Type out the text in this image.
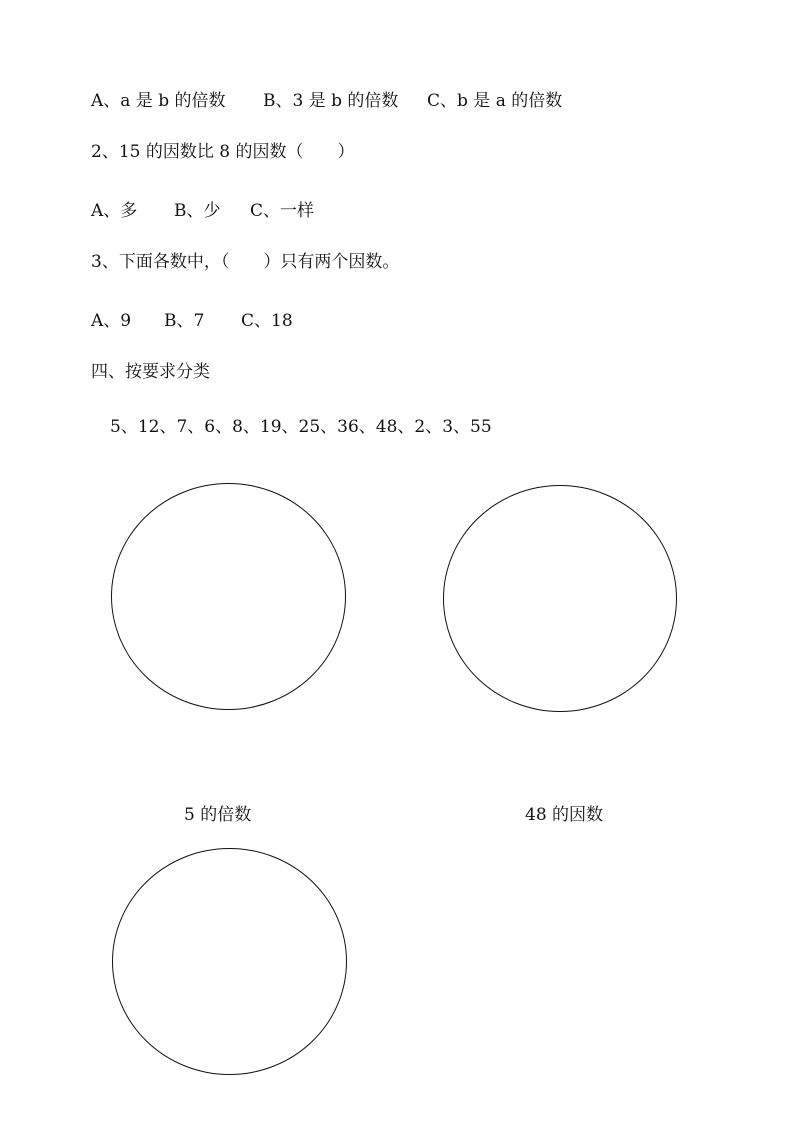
A、a 是 b 的倍数 B、3 是 b 的倍数 C、b 是 a 的倍数
2、15 的因数比 8 的因数（　　）
A、多 B、少 C、一样
3、下面各数中，（　　）只有两个因数。
A、9 B、7 C、18
四、按要求分类
5、12、7、6、8、19、25、36、48、2、3、55
5 的倍数	48 的因数
